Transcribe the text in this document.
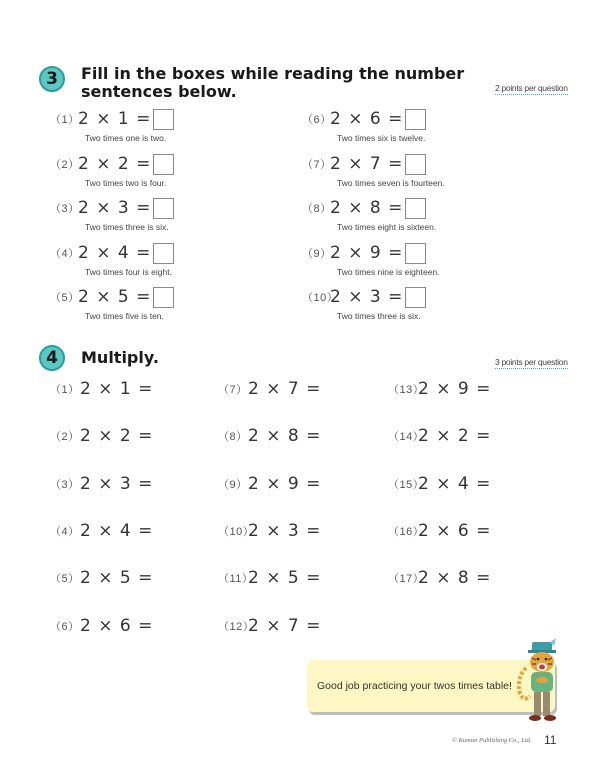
3	Fill in the boxes while reading the number
sentences below.	2 points per question
（1）
2 × 1 =
Two times one is two.
（2）
2 × 2 =
Two times two is four.
（3）
2 × 3 =
Two times three is six.
（4）
2 × 4 =
Two times four is eight.
（5）
2 × 5 =
Two times five is ten.
（6）
2 × 6 =
Two times six is twelve.
（7）
2 × 7 =
Two times seven is fourteen.
（8）
2 × 8 =
Two times eight is sixteen.
（9）
2 × 9 =
Two times nine is eighteen.
（10）
2 × 3 =
Two times three is six.
4	Multiply.	3 points per question
（1） 2 × 1 =
（2） 2 × 2 =
（3） 2 × 3 =
（4） 2 × 4 =
（5） 2 × 5 =
（6） 2 × 6 =
（7） 2 × 7 =
（8） 2 × 8 =
（9） 2 × 9 =
（10）
2 × 3 =
（11）
2 × 5 =
（12）
2 × 7 =
（13）
2 × 9 =
（14）
2 × 2 =
（15）
2 × 4 =
（16）
2 × 6 =
（17）
2 × 8 =
Good job practicing your twos times table!
© Kumon Publishing Co., Ltd. 11
